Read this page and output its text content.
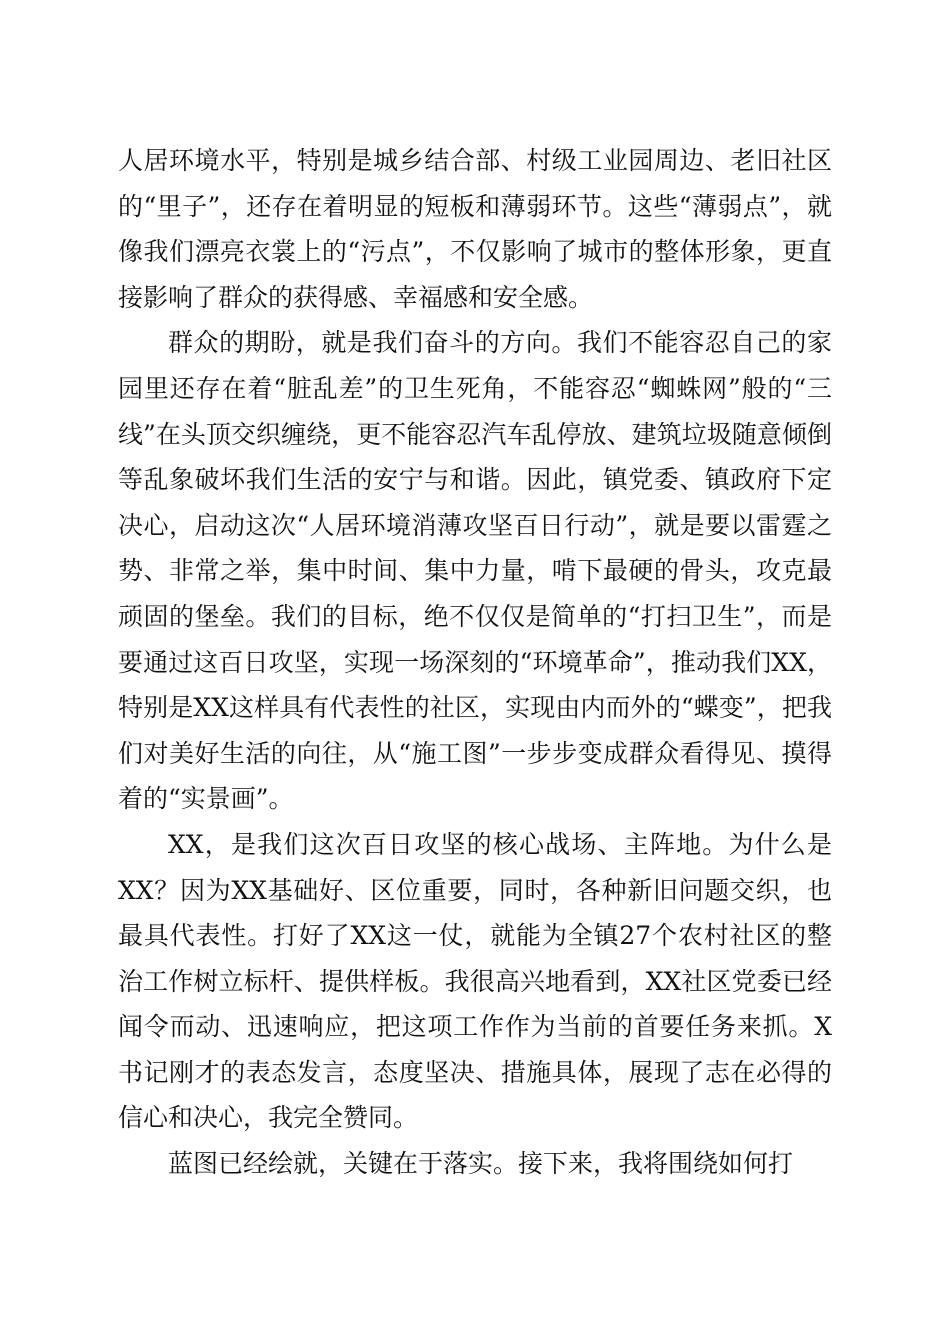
人居环境水平，特别是城乡结合部、村级工业园周边、老旧社区的“里子”，还存在着明显的短板和薄弱环节。这些“薄弱点”，就像我们漂亮衣裳上的“污点”，不仅影响了城市的整体形象，更直接影响了群众的获得感、幸福感和安全感。

群众的期盼，就是我们奋斗的方向。我们不能容忍自己的家园里还存在着“脏乱差”的卫生死角，不能容忍“蜘蛛网”般的“三线”在头顶交织缠绕，更不能容忍汽车乱停放、建筑垃圾随意倾倒等乱象破坏我们生活的安宁与和谐。因此，镇党委、镇政府下定决心，启动这次“人居环境消薄攻坚百日行动”，就是要以雷霆之势、非常之举，集中时间、集中力量，啃下最硬的骨头，攻克最顽固的堡垒。我们的目标，绝不仅仅是简单的“打扫卫生”，而是要通过这百日攻坚，实现一场深刻的“环境革命”，推动我们XX，特别是XX这样具有代表性的社区，实现由内而外的“蝶变”，把我们对美好生活的向往，从“施工图”一步步变成群众看得见、摸得着的“实景画”。

XX，是我们这次百日攻坚的核心战场、主阵地。为什么是XX？因为XX基础好、区位重要，同时，各种新旧问题交织，也最具代表性。打好了XX这一仗，就能为全镇27个农村社区的整治工作树立标杆、提供样板。我很高兴地看到，XX社区党委已经闻令而动、迅速响应，把这项工作作为当前的首要任务来抓。X书记刚才的表态发言，态度坚决、措施具体，展现了志在必得的信心和决心，我完全赞同。

蓝图已经绘就，关键在于落实。接下来，我将围绕如何打
